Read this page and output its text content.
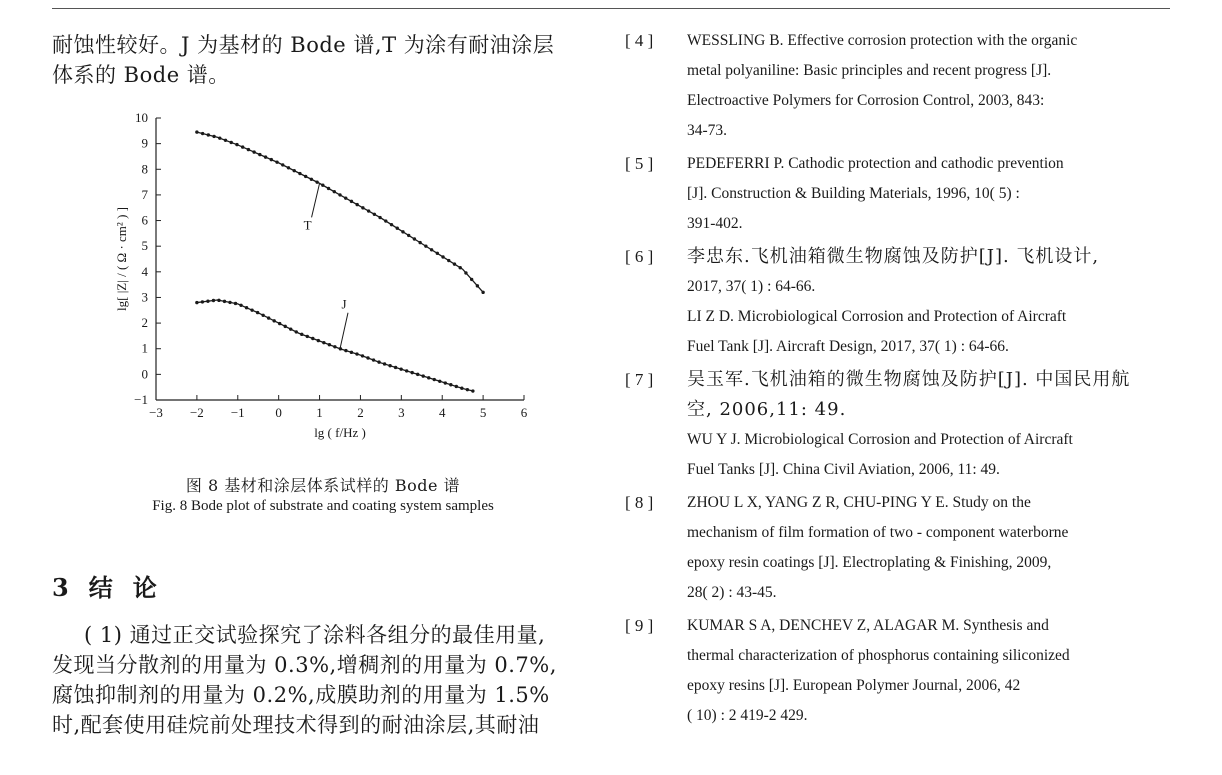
耐蚀性较好。J 为基材的 Bode 谱,T 为涂有耐油涂层

体系的 Bode 谱。

−1
0
1
2
3
4
5
6
7
8
9
10
−3 −2 −1 0	1	2	3	4	5	6
lg ( f/Hz )
lg[ |Z| / ( Ω · cm² ) ]	T
J
图 8 基材和涂层体系试样的 Bode 谱
Fig. 8 Bode plot of substrate and coating system samples
3 结 论

( 1) 通过正交试验探究了涂料各组分的最佳用量,

发现当分散剂的用量为 0.3%,增稠剂的用量为 0.7%,

腐蚀抑制剂的用量为 0.2%,成膜助剂的用量为 1.5%

时,配套使用硅烷前处理技术得到的耐油涂层,其耐油

[ 4 ]	WESSLING B. Effective corrosion protection with the organic
metal polyaniline: Basic principles and recent progress [J].
Electroactive Polymers for Corrosion Control, 2003, 843:
34-73.
[ 5 ]	PEDEFERRI P. Cathodic protection and cathodic prevention
[J]. Construction & Building Materials, 1996, 10( 5) :
391-402.
[ 6 ]	李忠东.飞机油箱微生物腐蚀及防护[J]. 飞机设计,
2017, 37( 1) : 64-66.
LI Z D. Microbiological Corrosion and Protection of Aircraft
Fuel Tank [J]. Aircraft Design, 2017, 37( 1) : 64-66.
[ 7 ]	吴玉军.飞机油箱的微生物腐蚀及防护[J]. 中国民用航
空, 2006,11: 49.
WU Y J. Microbiological Corrosion and Protection of Aircraft
Fuel Tanks [J]. China Civil Aviation, 2006, 11: 49.
[ 8 ]	ZHOU L X, YANG Z R, CHU-PING Y E. Study on the
mechanism of film formation of two - component waterborne
epoxy resin coatings [J]. Electroplating & Finishing, 2009,
28( 2) : 43-45.
[ 9 ]	KUMAR S A, DENCHEV Z, ALAGAR M. Synthesis and
thermal characterization of phosphorus containing siliconized
epoxy resins [J]. European Polymer Journal, 2006, 42
( 10) : 2 419-2 429.
